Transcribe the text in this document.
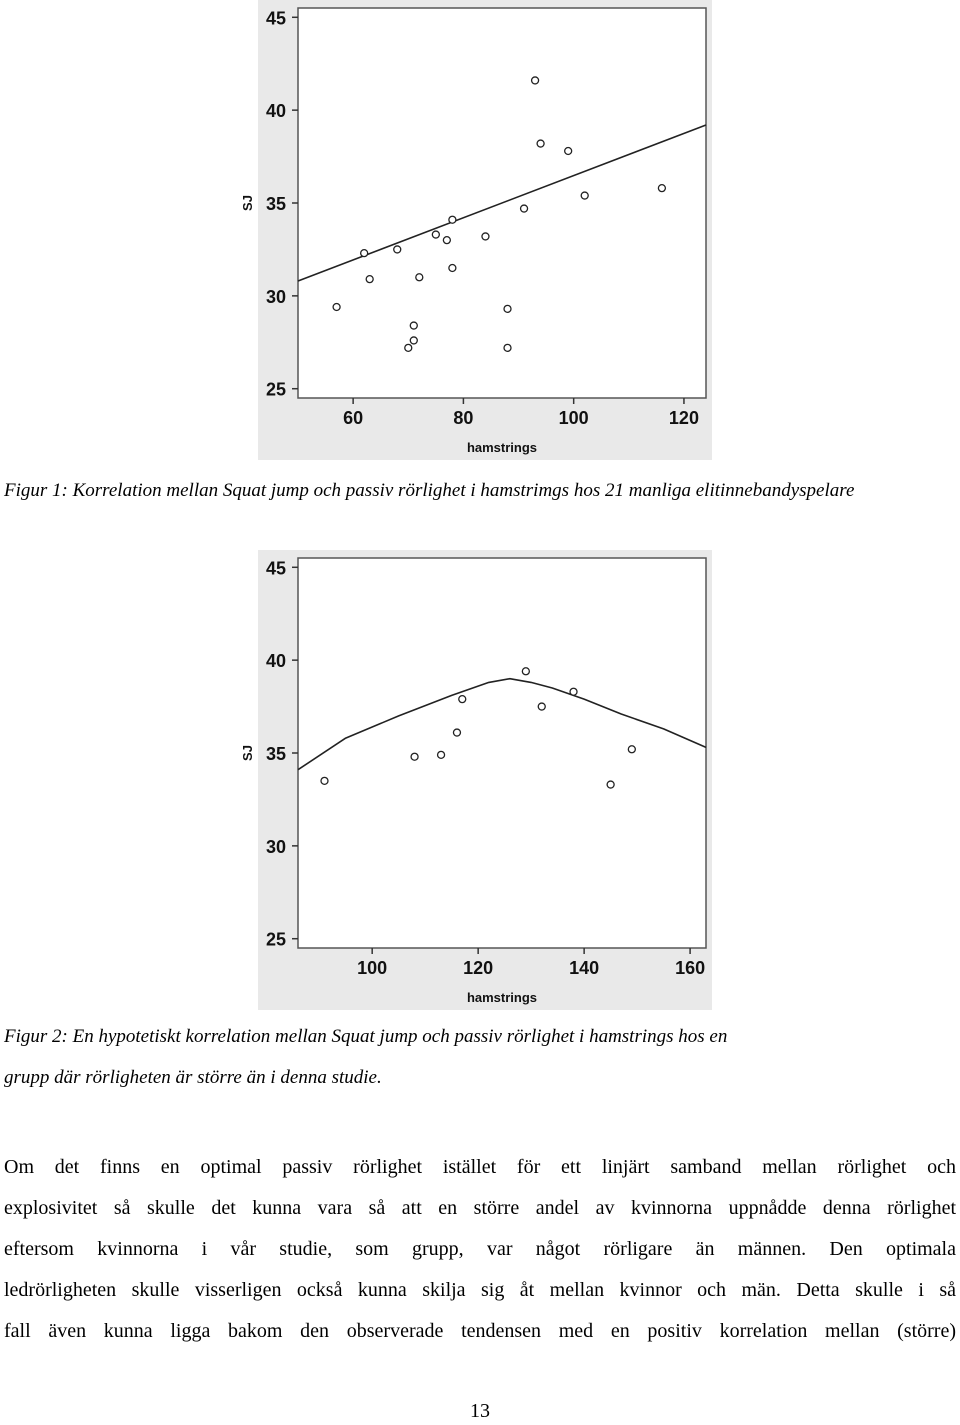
25
30
35
40
45
60	80	100	120
hamstrings
SJ
Figur 1: Korrelation mellan Squat jump och passiv rörlighet i hamstrimgs hos 21 manliga elitinnebandyspelare
25
30
35
40
45
100	120	140	160
hamstrings
SJ
Figur 2: En hypotetiskt korrelation mellan Squat jump och passiv rörlighet i hamstrings hos en
grupp där rörligheten är större än i denna studie.
Om det finns en optimal passiv rörlighet istället för ett linjärt samband mellan rörlighet och
explosivitet så skulle det kunna vara så att en större andel av kvinnorna uppnådde denna rörlighet
eftersom kvinnorna i vår studie, som grupp, var något rörligare än männen. Den optimala
ledrörligheten skulle visserligen också kunna skilja sig åt mellan kvinnor och män. Detta skulle i så
fall även kunna ligga bakom den observerade tendensen med en positiv korrelation mellan (större)
13
